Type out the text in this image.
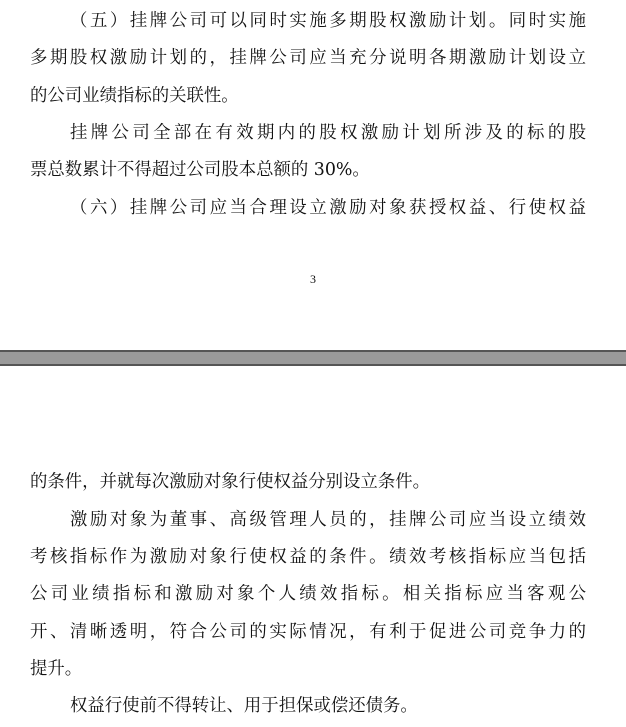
（五）挂牌公司可以同时实施多期股权激励计划。同时实施
多期股权激励计划的，挂牌公司应当充分说明各期激励计划设立
的公司业绩指标的关联性。
挂牌公司全部在有效期内的股权激励计划所涉及的标的股
票总数累计不得超过公司股本总额的 30%。
（六）挂牌公司应当合理设立激励对象获授权益、行使权益
3
的条件，并就每次激励对象行使权益分别设立条件。
激励对象为董事、高级管理人员的，挂牌公司应当设立绩效
考核指标作为激励对象行使权益的条件。绩效考核指标应当包括
公司业绩指标和激励对象个人绩效指标。相关指标应当客观公
开、清晰透明，符合公司的实际情况，有利于促进公司竞争力的
提升。
权益行使前不得转让、用于担保或偿还债务。
